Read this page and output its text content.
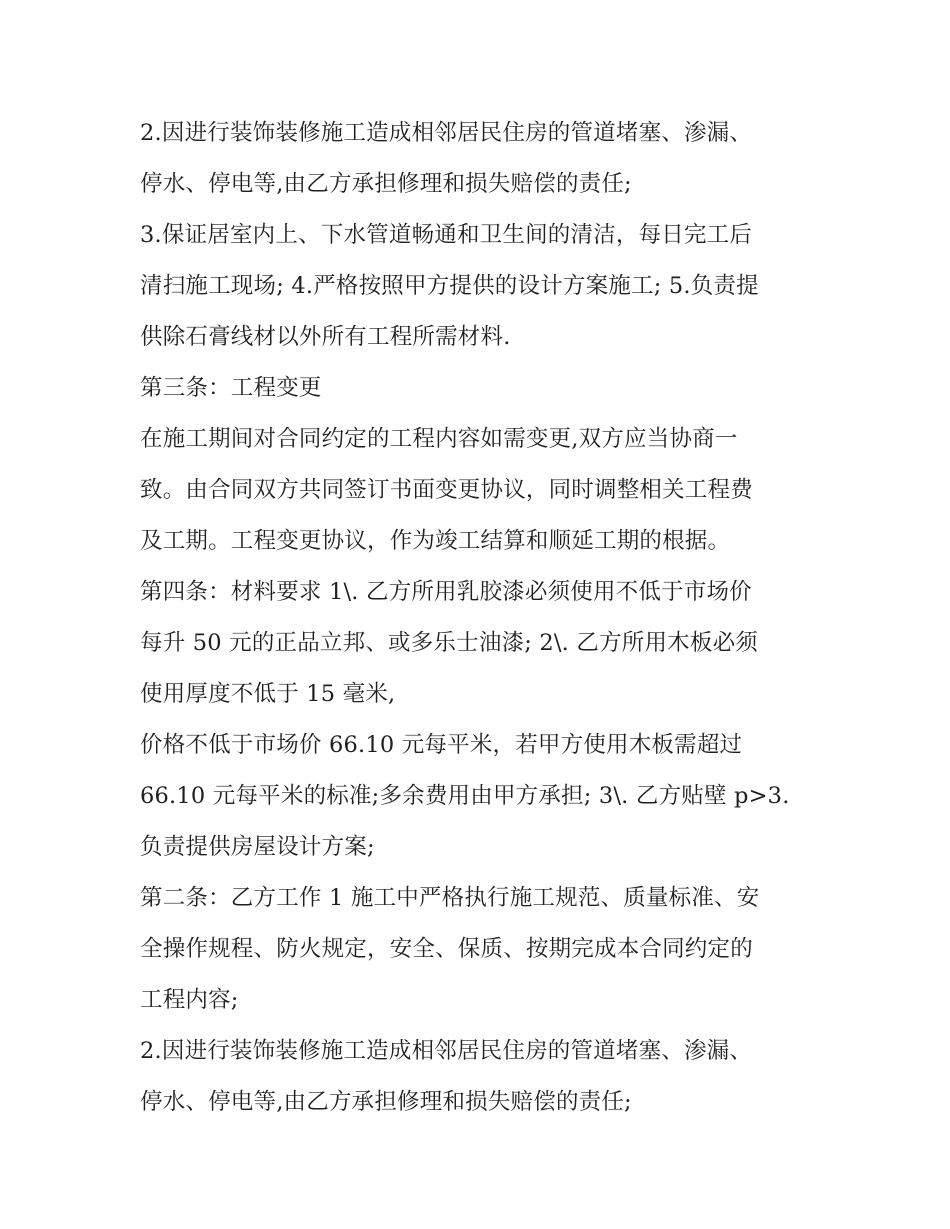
2.因进行装饰装修施工造成相邻居民住房的管道堵塞、渗漏、
停水、停电等,由乙方承担修理和损失赔偿的责任;
3.保证居室内上、下水管道畅通和卫生间的清洁，每日完工后
清扫施工现场; 4.严格按照甲方提供的设计方案施工; 5.负责提
供除石膏线材以外所有工程所需材料.
第三条：工程变更
在施工期间对合同约定的工程内容如需变更,双方应当协商一
致。由合同双方共同签订书面变更协议，同时调整相关工程费
及工期。工程变更协议，作为竣工结算和顺延工期的根据。
第四条：材料要求 1\. 乙方所用乳胶漆必须使用不低于市场价
每升 50 元的正品立邦、或多乐士油漆; 2\. 乙方所用木板必须
使用厚度不低于 15 毫米,
价格不低于市场价 66.10 元每平米，若甲方使用木板需超过
66.10 元每平米的标准;多余费用由甲方承担; 3\. 乙方贴壁 p>3.
负责提供房屋设计方案;
第二条：乙方工作 1 施工中严格执行施工规范、质量标准、安
全操作规程、防火规定，安全、保质、按期完成本合同约定的
工程内容;
2.因进行装饰装修施工造成相邻居民住房的管道堵塞、渗漏、
停水、停电等,由乙方承担修理和损失赔偿的责任;
